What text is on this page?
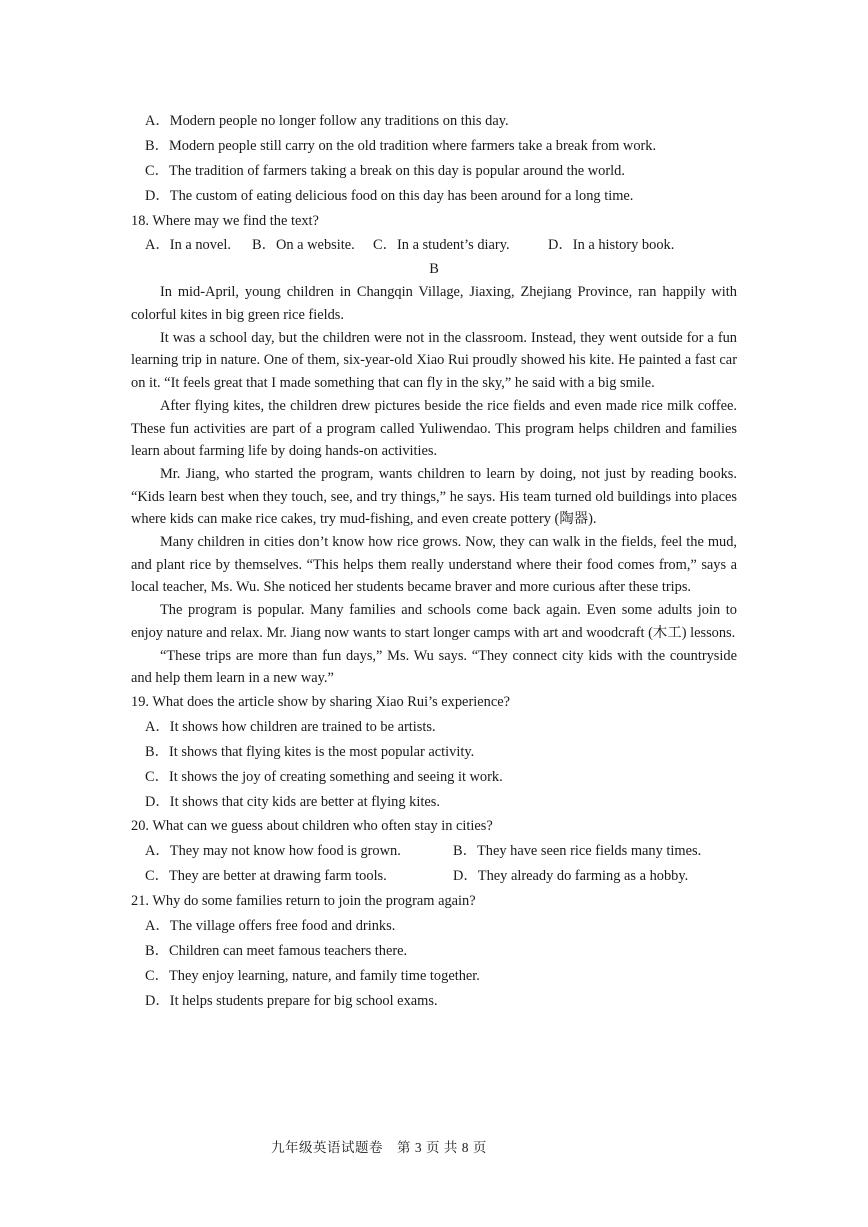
A．Modern people no longer follow any traditions on this day.
B．Modern people still carry on the old tradition where farmers take a break from work.
C．The tradition of farmers taking a break on this day is popular around the world.
D．The custom of eating delicious food on this day has been around for a long time.
18. Where may we find the text?
A．In a novel.	B．On a website.	C．In a student’s diary.	D．In a history book.
B

In mid-April, young children in Changqin Village, Jiaxing, Zhejiang Province, ran happily with colorful kites in big green rice fields.

It was a school day, but the children were not in the classroom. Instead, they went outside for a fun learning trip in nature. One of them, six-year-old Xiao Rui proudly showed his kite. He painted a fast car on it. “It feels great that I made something that can fly in the sky,” he said with a big smile.

After flying kites, the children drew pictures beside the rice fields and even made rice milk coffee. These fun activities are part of a program called Yuliwendao. This program helps children and families learn about farming life by doing hands-on activities.

Mr. Jiang, who started the program, wants children to learn by doing, not just by reading books. “Kids learn best when they touch, see, and try things,” he says. His team turned old buildings into places where kids can make rice cakes, try mud-fishing, and even create pottery (陶器).

Many children in cities don’t know how rice grows. Now, they can walk in the fields, feel the mud, and plant rice by themselves. “This helps them really understand where their food comes from,” says a local teacher, Ms. Wu. She noticed her students became braver and more curious after these trips.

The program is popular. Many families and schools come back again. Even some adults join to enjoy nature and relax. Mr. Jiang now wants to start longer camps with art and woodcraft (木工) lessons.

“These trips are more than fun days,” Ms. Wu says. “They connect city kids with the countryside and help them learn in a new way.”

19. What does the article show by sharing Xiao Rui’s experience?
A．It shows how children are trained to be artists.
B．It shows that flying kites is the most popular activity.
C．It shows the joy of creating something and seeing it work.
D．It shows that city kids are better at flying kites.
20. What can we guess about children who often stay in cities?
A．They may not know how food is grown.	B．They have seen rice fields many times.
C．They are better at drawing farm tools.	D．They already do farming as a hobby.
21. Why do some families return to join the program again?
A．The village offers free food and drinks.
B．Children can meet famous teachers there.
C．They enjoy learning, nature, and family time together.
D．It helps students prepare for big school exams.
九年级英语试题卷　第 3 页 共 8 页
